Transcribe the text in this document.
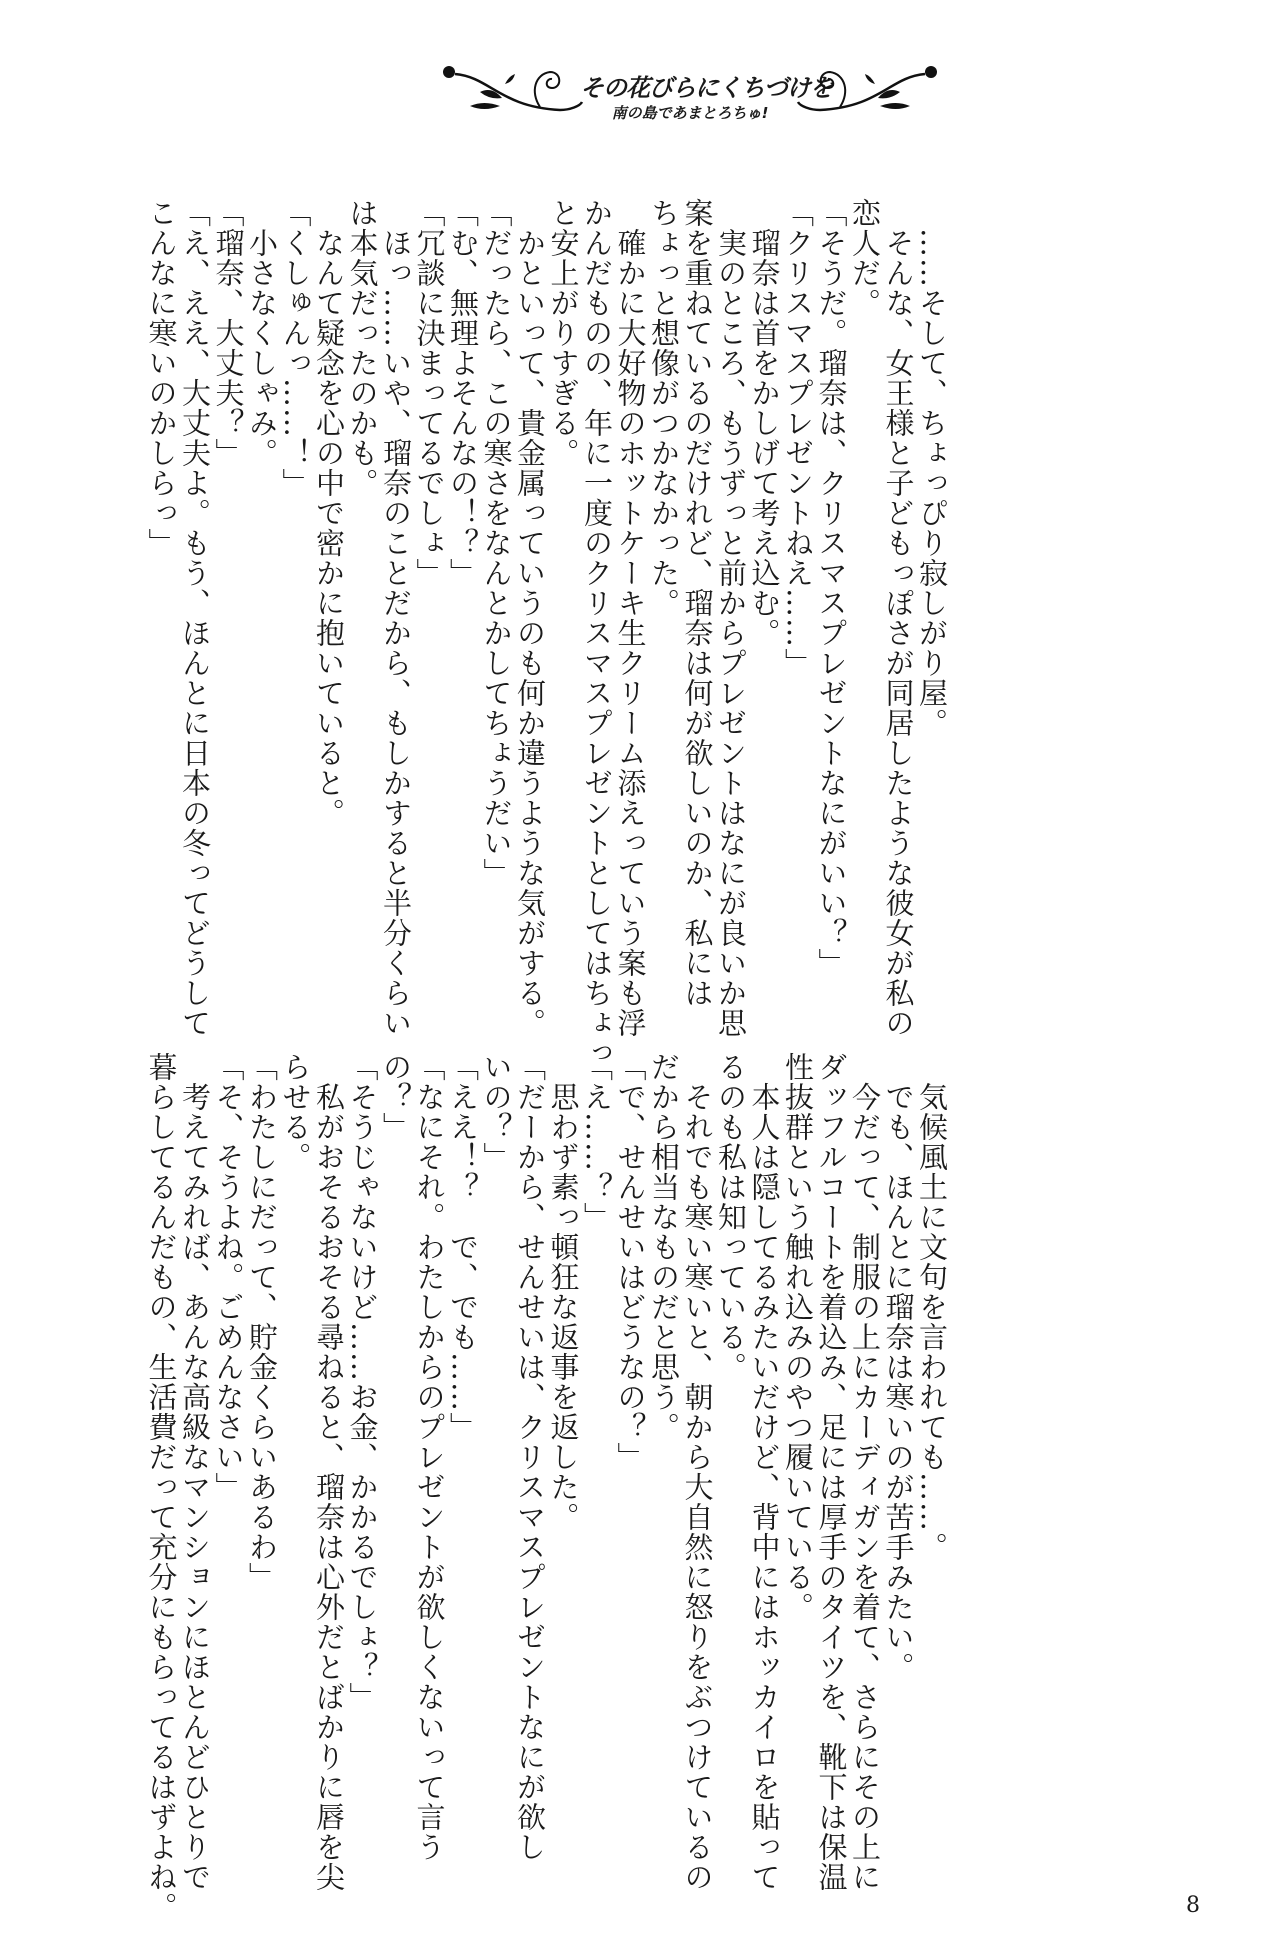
その花びらにくちづけを
南の島であまとろちゅ!
……そして、ちょっぴり寂しがり屋。
そんな、女王様と子どもっぽさが同居したような彼女が私の
恋人だ。
「そうだ。瑠奈は、クリスマスプレゼントなにがいい？」
「クリスマスプレゼントねえ……」
瑠奈は首をかしげて考え込む。
実のところ、もうずっと前からプレゼントはなにが良いか思
案を重ねているのだけれど、瑠奈は何が欲しいのか、私には
ちょっと想像がつかなかった。
確かに大好物のホットケーキ生クリーム添えっていう案も浮
かんだものの、年に一度のクリスマスプレゼントとしてはちょっ
と安上がりすぎる。
かといって、貴金属っていうのも何か違うような気がする。
「だったら、この寒さをなんとかしてちょうだい」
「む、無理よそんなの！？」
「冗談に決まってるでしょ」
ほっ……いや、瑠奈のことだから、もしかすると半分くらい
は本気だったのかも。
なんて疑念を心の中で密かに抱いていると。
「くしゅんっ……！」
小さなくしゃみ。
「瑠奈、大丈夫？」
「え、ええ、大丈夫よ。もう、ほんとに日本の冬ってどうして
こんなに寒いのかしらっ」
気候風土に文句を言われても……。
でも、ほんとに瑠奈は寒いのが苦手みたい。
今だって、制服の上にカーディガンを着て、さらにその上に
ダッフルコートを着込み、足には厚手のタイツを、靴下は保温
性抜群という触れ込みのやつ履いている。
本人は隠してるみたいだけど、背中にはホッカイロを貼って
るのも私は知っている。
それでも寒い寒いと、朝から大自然に怒りをぶつけているの
だから相当なものだと思う。
「で、せんせいはどうなの？」
「え……？」
思わず素っ頓狂な返事を返した。
「だーから、せんせいは、クリスマスプレゼントなにが欲し
いの？」
「ええ！？　で、でも……」
「なにそれ。わたしからのプレゼントが欲しくないって言う
の？」
「そうじゃないけど……お金、かかるでしょ？」
私がおそるおそる尋ねると、瑠奈は心外だとばかりに唇を尖
らせる。
「わたしにだって、貯金くらいあるわ」
「そ、そうよね。ごめんなさい」
考えてみれば、あんな高級なマンションにほとんどひとりで
暮らしてるんだもの、生活費だって充分にもらってるはずよね。	8
